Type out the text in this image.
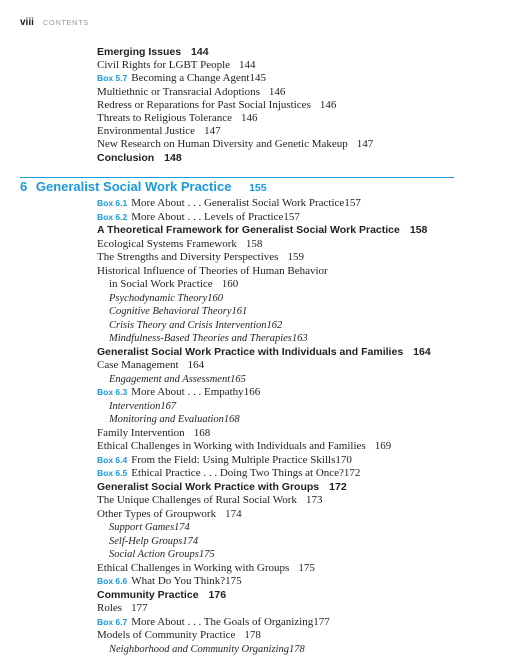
viii CONTENTS
Emerging Issues 144
Civil Rights for LGBT People 144
Box 5.7 Becoming a Change Agent145
Multiethnic or Transracial Adoptions 146
Redress or Reparations for Past Social Injustices 146
Threats to Religious Tolerance 146
Environmental Justice 147
New Research on Human Diversity and Genetic Makeup 147
Conclusion 148
6 Generalist Social Work Practice 155
Box 6.1 More About . . . Generalist Social Work Practice157
Box 6.2 More About . . . Levels of Practice157
A Theoretical Framework for Generalist Social Work Practice 158
Ecological Systems Framework 158
The Strengths and Diversity Perspectives 159
Historical Influence of Theories of Human Behavior
in Social Work Practice 160
Psychodynamic Theory160
Cognitive Behavioral Theory161
Crisis Theory and Crisis Intervention162
Mindfulness-Based Theories and Therapies163
Generalist Social Work Practice with Individuals and Families 164
Case Management 164
Engagement and Assessment165
Box 6.3 More About . . . Empathy166
Intervention167
Monitoring and Evaluation168
Family Intervention 168
Ethical Challenges in Working with Individuals and Families 169
Box 6.4 From the Field: Using Multiple Practice Skills170
Box 6.5 Ethical Practice . . . Doing Two Things at Once?172
Generalist Social Work Practice with Groups 172
The Unique Challenges of Rural Social Work 173
Other Types of Groupwork 174
Support Games174
Self-Help Groups174
Social Action Groups175
Ethical Challenges in Working with Groups 175
Box 6.6 What Do You Think?175
Community Practice 176
Roles 177
Box 6.7 More About . . . The Goals of Organizing177
Models of Community Practice 178
Neighborhood and Community Organizing178
